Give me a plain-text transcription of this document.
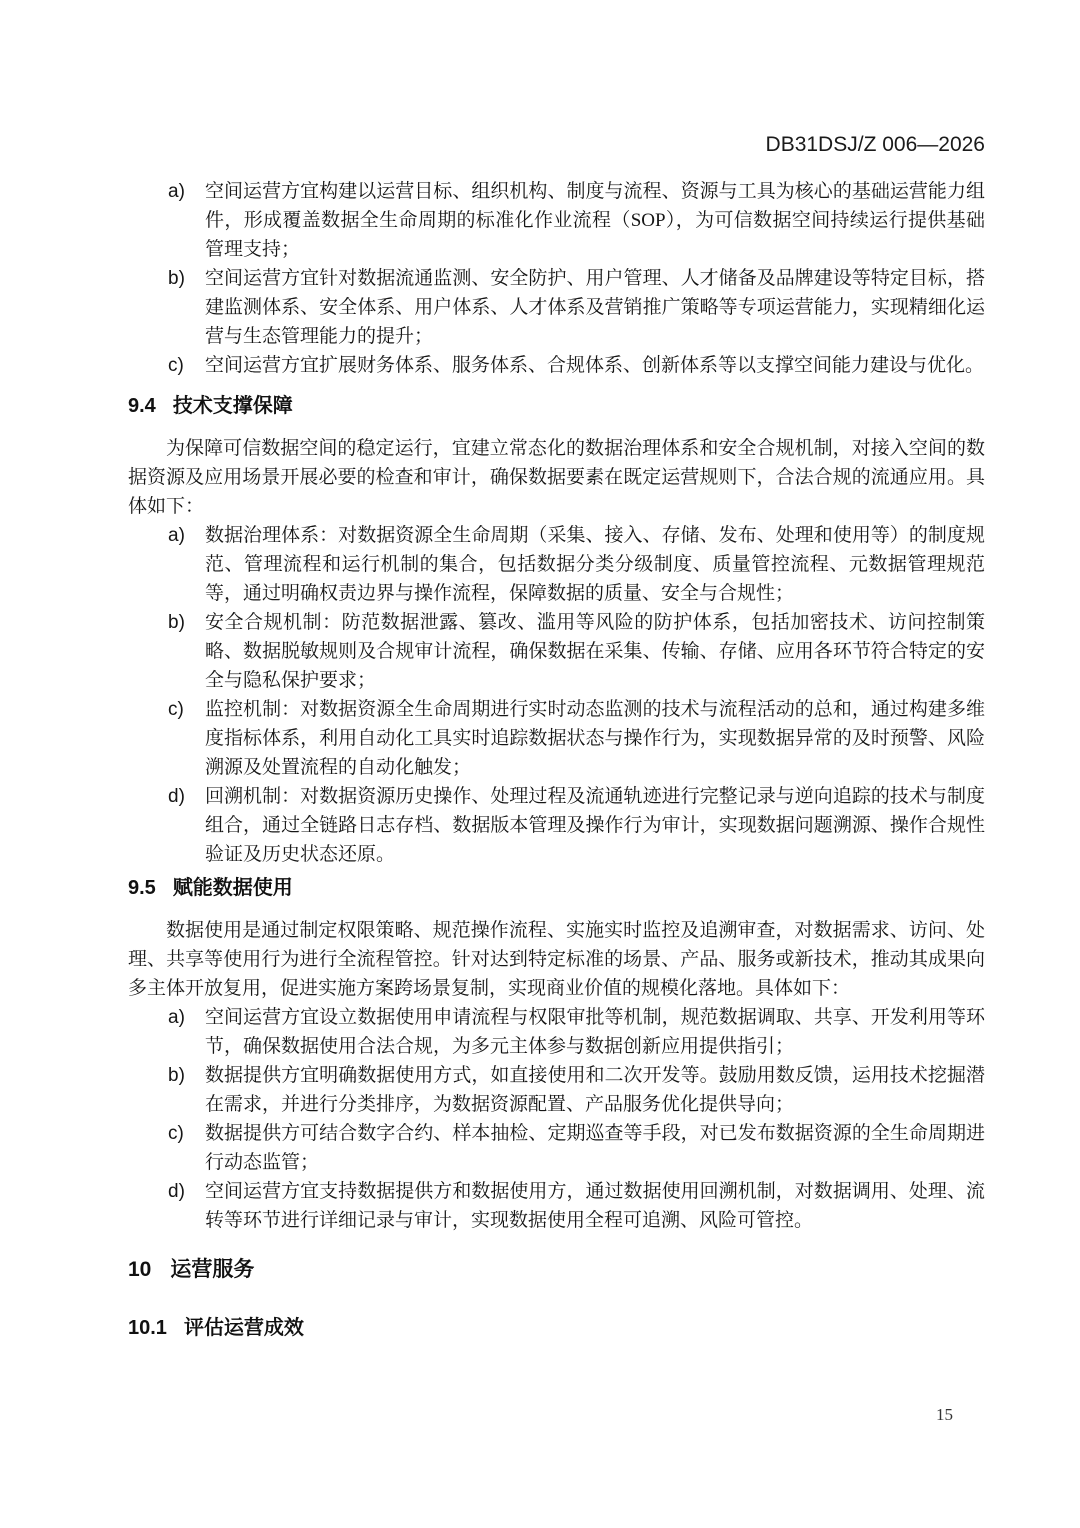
DB31DSJ/Z 006—2026
a)	空间运营方宜构建以运营目标、组织机构、制度与流程、资源与工具为核心的基础运营能力组件，形成覆盖数据全生命周期的标准化作业流程（SOP），为可信数据空间持续运行提供基础管理支持；
b)	空间运营方宜针对数据流通监测、安全防护、用户管理、人才储备及品牌建设等特定目标，搭建监测体系、安全体系、用户体系、人才体系及营销推广策略等专项运营能力，实现精细化运营与生态管理能力的提升；
c)	空间运营方宜扩展财务体系、服务体系、合规体系、创新体系等以支撑空间能力建设与优化。
9.4 技术支撑保障

为保障可信数据空间的稳定运行，宜建立常态化的数据治理体系和安全合规机制，对接入空间的数据资源及应用场景开展必要的检查和审计，确保数据要素在既定运营规则下，合法合规的流通应用。具体如下：

a)	数据治理体系：对数据资源全生命周期（采集、接入、存储、发布、处理和使用等）的制度规范、管理流程和运行机制的集合，包括数据分类分级制度、质量管控流程、元数据管理规范等，通过明确权责边界与操作流程，保障数据的质量、安全与合规性；
b)	安全合规机制：防范数据泄露、篡改、滥用等风险的防护体系，包括加密技术、访问控制策略、数据脱敏规则及合规审计流程，确保数据在采集、传输、存储、应用各环节符合特定的安全与隐私保护要求；
c)	监控机制：对数据资源全生命周期进行实时动态监测的技术与流程活动的总和，通过构建多维度指标体系，利用自动化工具实时追踪数据状态与操作行为，实现数据异常的及时预警、风险溯源及处置流程的自动化触发；
d)	回溯机制：对数据资源历史操作、处理过程及流通轨迹进行完整记录与逆向追踪的技术与制度组合，通过全链路日志存档、数据版本管理及操作行为审计，实现数据问题溯源、操作合规性验证及历史状态还原。
9.5 赋能数据使用

数据使用是通过制定权限策略、规范操作流程、实施实时监控及追溯审查，对数据需求、访问、处理、共享等使用行为进行全流程管控。针对达到特定标准的场景、产品、服务或新技术，推动其成果向多主体开放复用，促进实施方案跨场景复制，实现商业价值的规模化落地。具体如下：

a)	空间运营方宜设立数据使用申请流程与权限审批等机制，规范数据调取、共享、开发利用等环节，确保数据使用合法合规，为多元主体参与数据创新应用提供指引；
b)	数据提供方宜明确数据使用方式，如直接使用和二次开发等。鼓励用数反馈，运用技术挖掘潜在需求，并进行分类排序，为数据资源配置、产品服务优化提供导向；
c)	数据提供方可结合数字合约、样本抽检、定期巡查等手段，对已发布数据资源的全生命周期进行动态监管；
d)	空间运营方宜支持数据提供方和数据使用方，通过数据使用回溯机制，对数据调用、处理、流转等环节进行详细记录与审计，实现数据使用全程可追溯、风险可管控。
10 运营服务
10.1 评估运营成效
15
